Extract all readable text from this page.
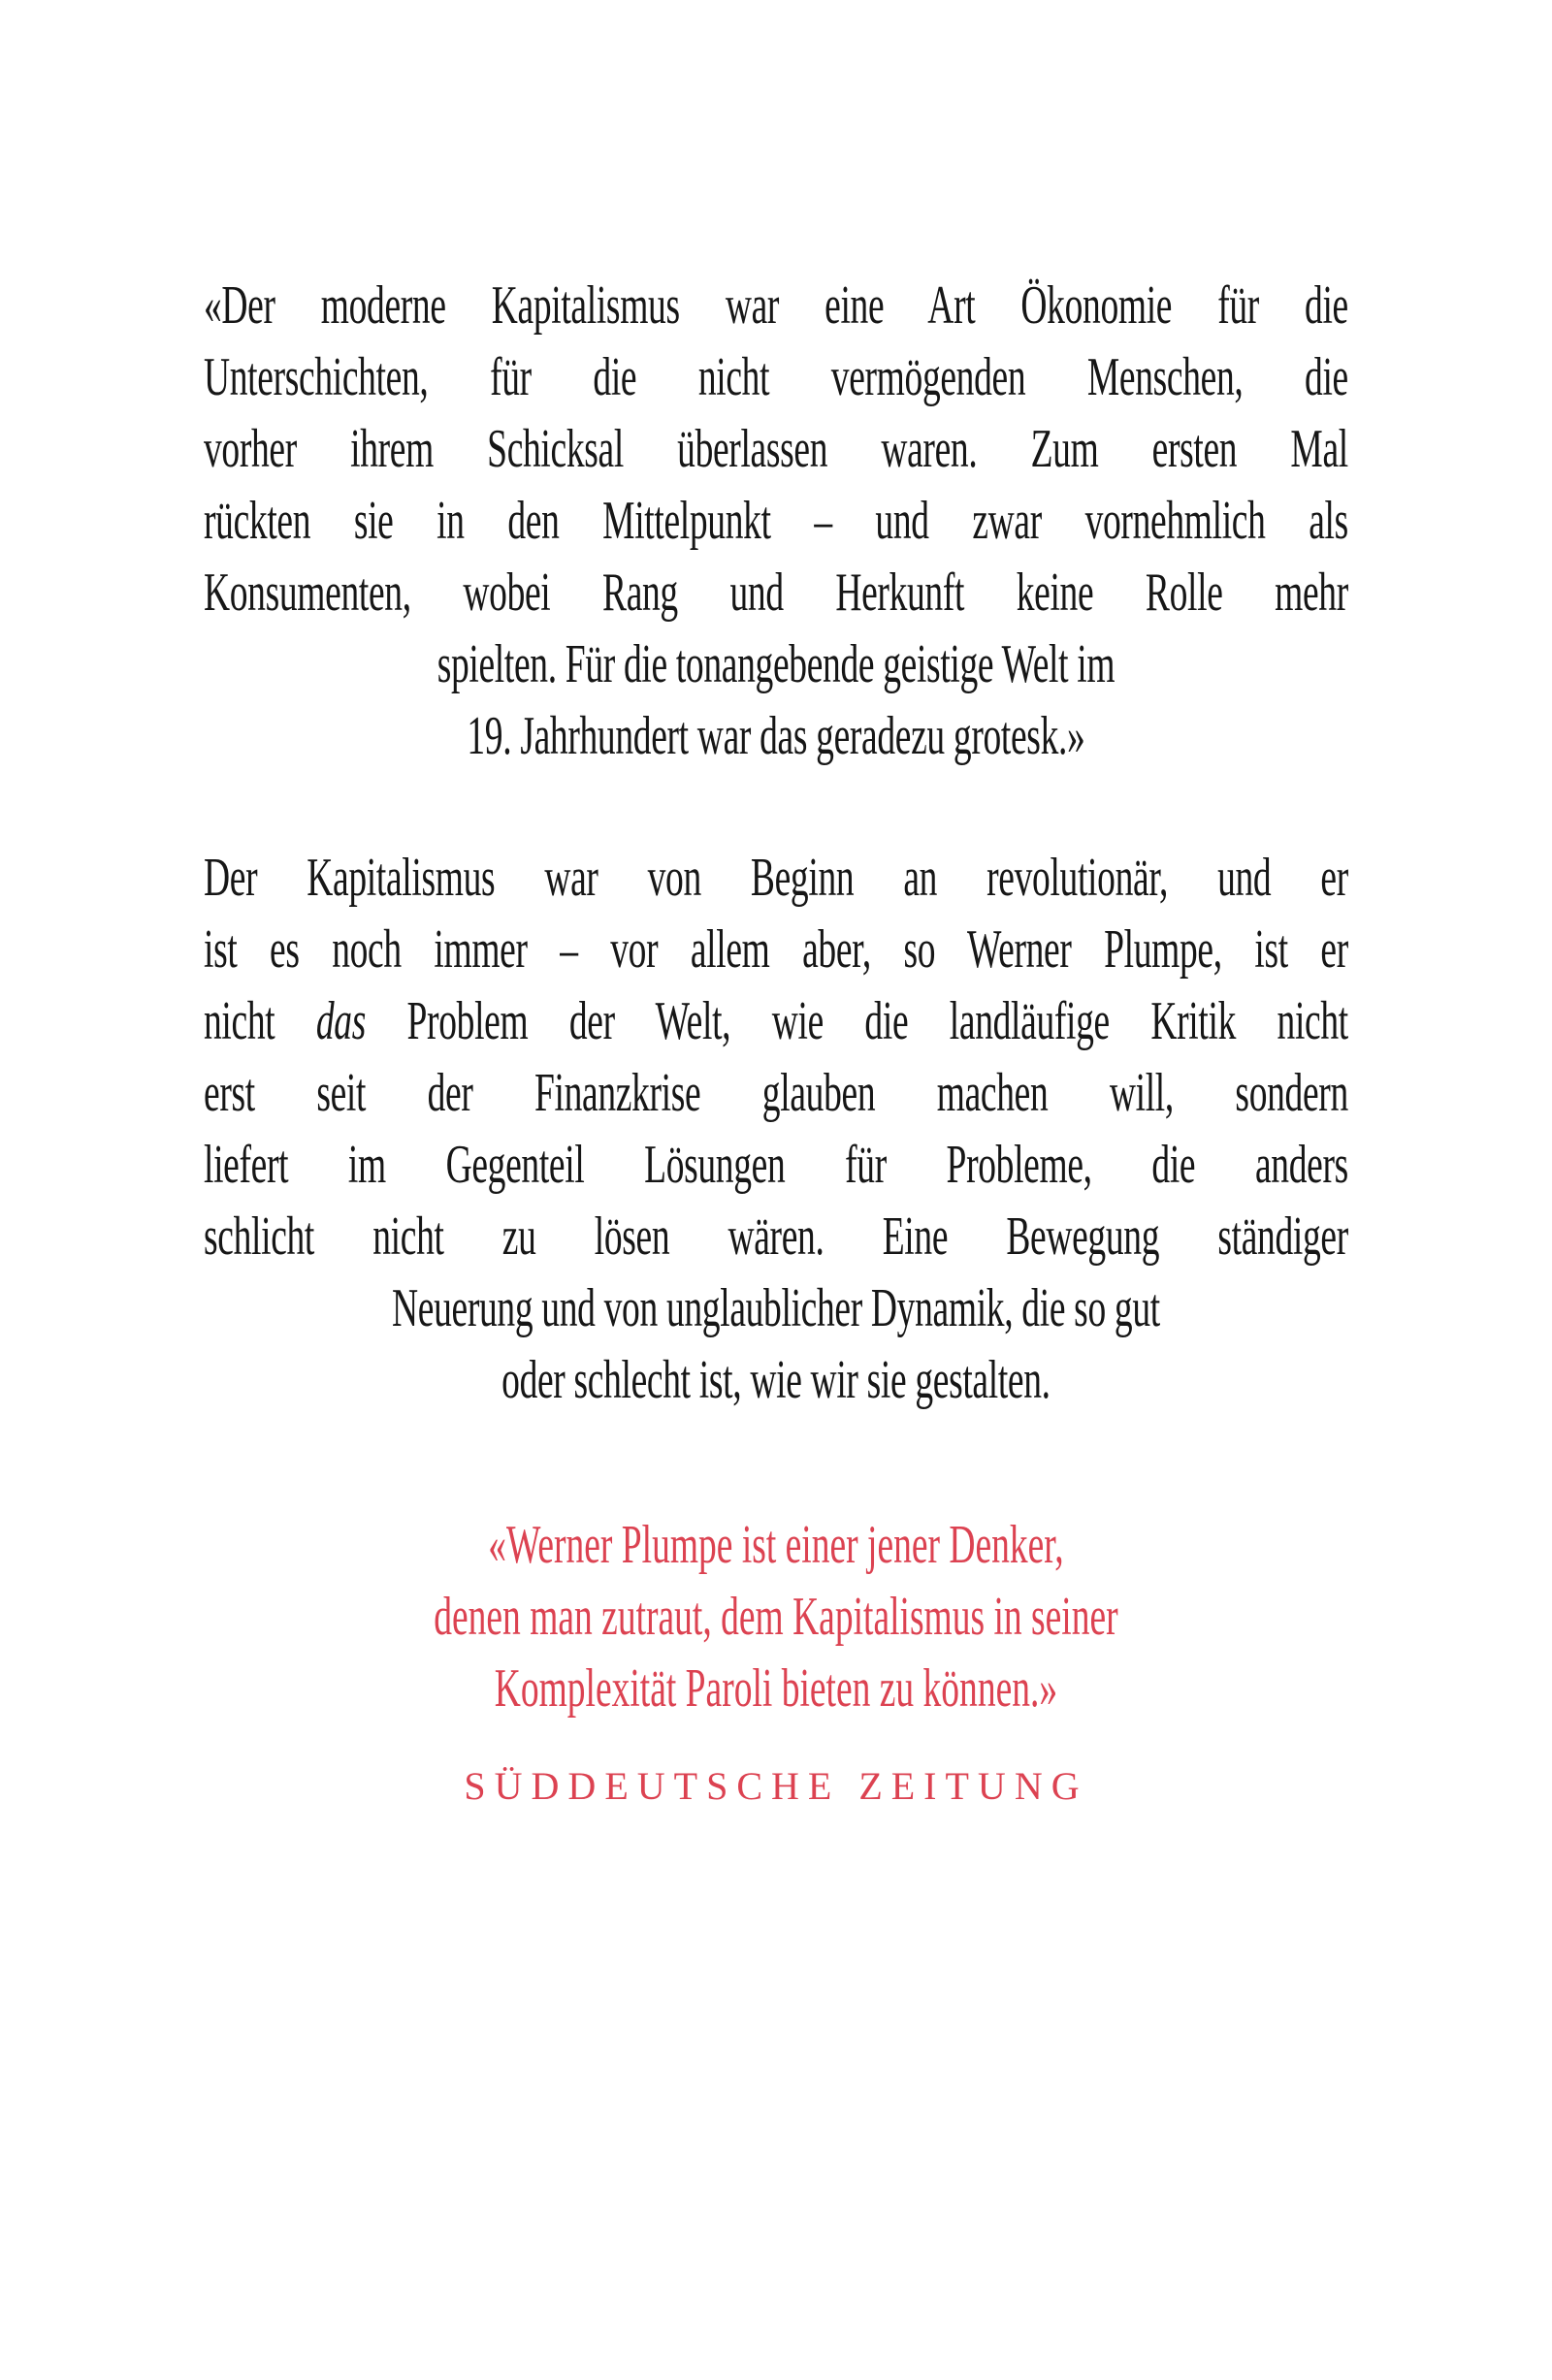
«Der moderne Kapitalismus war eine Art Ökonomie für die
Unterschichten, für die nicht vermögenden Menschen, die
vorher ihrem Schicksal überlassen waren. Zum ersten Mal
rückten sie in den Mittelpunkt – und zwar vornehmlich als
Konsumenten, wobei Rang und Herkunft keine Rolle mehr
spielten. Für die tonangebende geistige Welt im
19. Jahrhundert war das geradezu grotesk.»
Der Kapitalismus war von Beginn an revolutionär, und er
ist es noch immer – vor allem aber, so Werner Plumpe, ist er
nicht das Problem der Welt, wie die landläufige Kritik nicht
erst seit der Finanzkrise glauben machen will, sondern
liefert im Gegenteil Lösungen für Probleme, die anders
schlicht nicht zu lösen wären. Eine Bewegung ständiger
Neuerung und von unglaublicher Dynamik, die so gut
oder schlecht ist, wie wir sie gestalten.
«Werner Plumpe ist einer jener Denker,
denen man zutraut, dem Kapitalismus in seiner
Komplexität Paroli bieten zu können.»
SÜDDEUTSCHE ZEITUNG
